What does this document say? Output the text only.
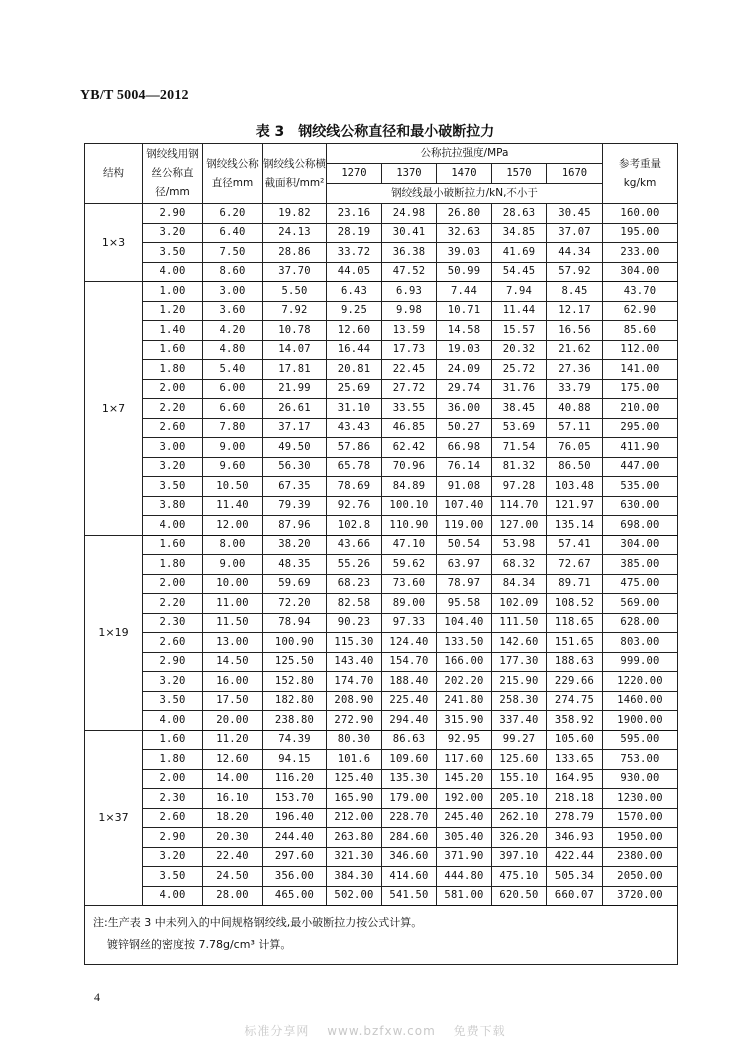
YB/T 5004—2012
表 3　钢绞线公称直径和最小破断拉力
结构	钢绞线用钢丝公称直径/mm	钢绞线公称直径mm	钢绞线公称横截面积/mm²	公称抗拉强度/MPa					参考重量kg/km
				1270	1370	1470	1570	1670	
				钢绞线最小破断拉力/kN,不小于					
1×3	2.90	6.20	19.82	23.16	24.98	26.80	28.63	30.45	160.00
	3.20	6.40	24.13	28.19	30.41	32.63	34.85	37.07	195.00
	3.50	7.50	28.86	33.72	36.38	39.03	41.69	44.34	233.00
	4.00	8.60	37.70	44.05	47.52	50.99	54.45	57.92	304.00
1×7	1.00	3.00	5.50	6.43	6.93	7.44	7.94	8.45	43.70
	1.20	3.60	7.92	9.25	9.98	10.71	11.44	12.17	62.90
	1.40	4.20	10.78	12.60	13.59	14.58	15.57	16.56	85.60
	1.60	4.80	14.07	16.44	17.73	19.03	20.32	21.62	112.00
	1.80	5.40	17.81	20.81	22.45	24.09	25.72	27.36	141.00
	2.00	6.00	21.99	25.69	27.72	29.74	31.76	33.79	175.00
	2.20	6.60	26.61	31.10	33.55	36.00	38.45	40.88	210.00
	2.60	7.80	37.17	43.43	46.85	50.27	53.69	57.11	295.00
	3.00	9.00	49.50	57.86	62.42	66.98	71.54	76.05	411.90
	3.20	9.60	56.30	65.78	70.96	76.14	81.32	86.50	447.00
	3.50	10.50	67.35	78.69	84.89	91.08	97.28	103.48	535.00
	3.80	11.40	79.39	92.76	100.10	107.40	114.70	121.97	630.00
	4.00	12.00	87.96	102.8	110.90	119.00	127.00	135.14	698.00
1×19	1.60	8.00	38.20	43.66	47.10	50.54	53.98	57.41	304.00
	1.80	9.00	48.35	55.26	59.62	63.97	68.32	72.67	385.00
	2.00	10.00	59.69	68.23	73.60	78.97	84.34	89.71	475.00
	2.20	11.00	72.20	82.58	89.00	95.58	102.09	108.52	569.00
	2.30	11.50	78.94	90.23	97.33	104.40	111.50	118.65	628.00
	2.60	13.00	100.90	115.30	124.40	133.50	142.60	151.65	803.00
	2.90	14.50	125.50	143.40	154.70	166.00	177.30	188.63	999.00
	3.20	16.00	152.80	174.70	188.40	202.20	215.90	229.66	1220.00
	3.50	17.50	182.80	208.90	225.40	241.80	258.30	274.75	1460.00
	4.00	20.00	238.80	272.90	294.40	315.90	337.40	358.92	1900.00
1×37	1.60	11.20	74.39	80.30	86.63	92.95	99.27	105.60	595.00
	1.80	12.60	94.15	101.6	109.60	117.60	125.60	133.65	753.00
	2.00	14.00	116.20	125.40	135.30	145.20	155.10	164.95	930.00
	2.30	16.10	153.70	165.90	179.00	192.00	205.10	218.18	1230.00
	2.60	18.20	196.40	212.00	228.70	245.40	262.10	278.79	1570.00
	2.90	20.30	244.40	263.80	284.60	305.40	326.20	346.93	1950.00
	3.20	22.40	297.60	321.30	346.60	371.90	397.10	422.44	2380.00
	3.50	24.50	356.00	384.30	414.60	444.80	475.10	505.34	2050.00
	4.00	28.00	465.00	502.00	541.50	581.00	620.50	660.07	3720.00

注:生产表 3 中未列入的中间规格钢绞线,最小破断拉力按公式计算。
镀锌钢丝的密度按 7.78g/cm³ 计算。									
4
标准分享网　 www.bzfxw.com 　免费下载
